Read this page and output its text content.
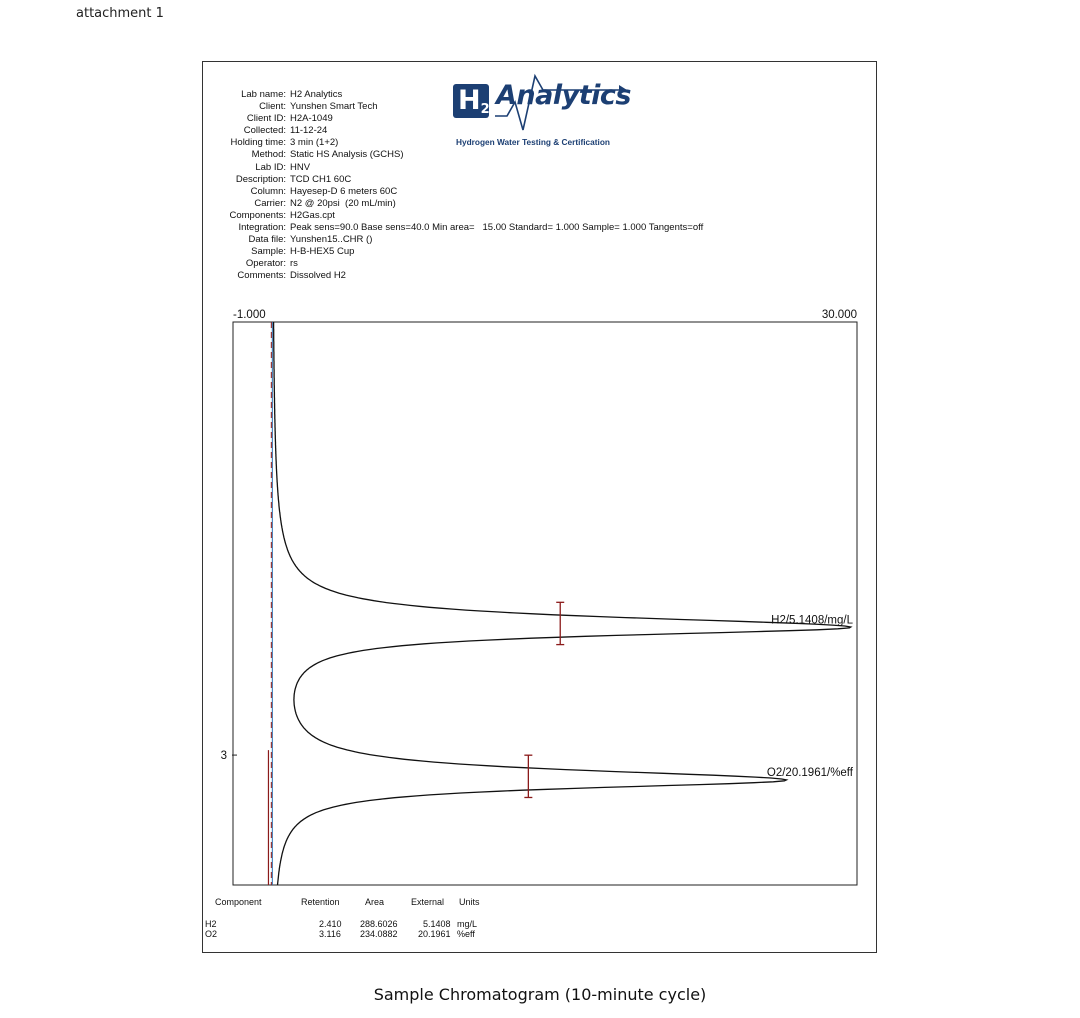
attachment 1
$H_2$ Analytics
Hydrogen Water Testing & Certification
Lab name: H2 Analytics
Client: Yunshen Smart Tech
Client ID: H2A-1049
Collected: 11-12-24
Holding time: 3 min (1+2)
Method: Static HS Analysis (GCHS)
Lab ID: HNV
Description: TCD CH1 60C
Column: Hayesep-D 6 meters 60C
Carrier: N2 @ 20psi  (20 mL/min)
Components: H2Gas.cpt
Integration: Peak sens=90.0 Base sens=40.0 Min area=   15.00 Standard= 1.000 Sample= 1.000 Tangents=off
Data file: Yunshen15..CHR ()
Sample: H-B-HEX5 Cup
Operator: rs
Comments: Dissolved H2
-1.000	30.000
3
H2/5.1408/mg/L
O2/20.1961/%eff
Component	Retention	Area	External Units
H2	2.410 288.6026	5.1408 mg/L
O2	3.116 234.0882 20.1961 %eff
Sample Chromatogram (10-minute cycle)
